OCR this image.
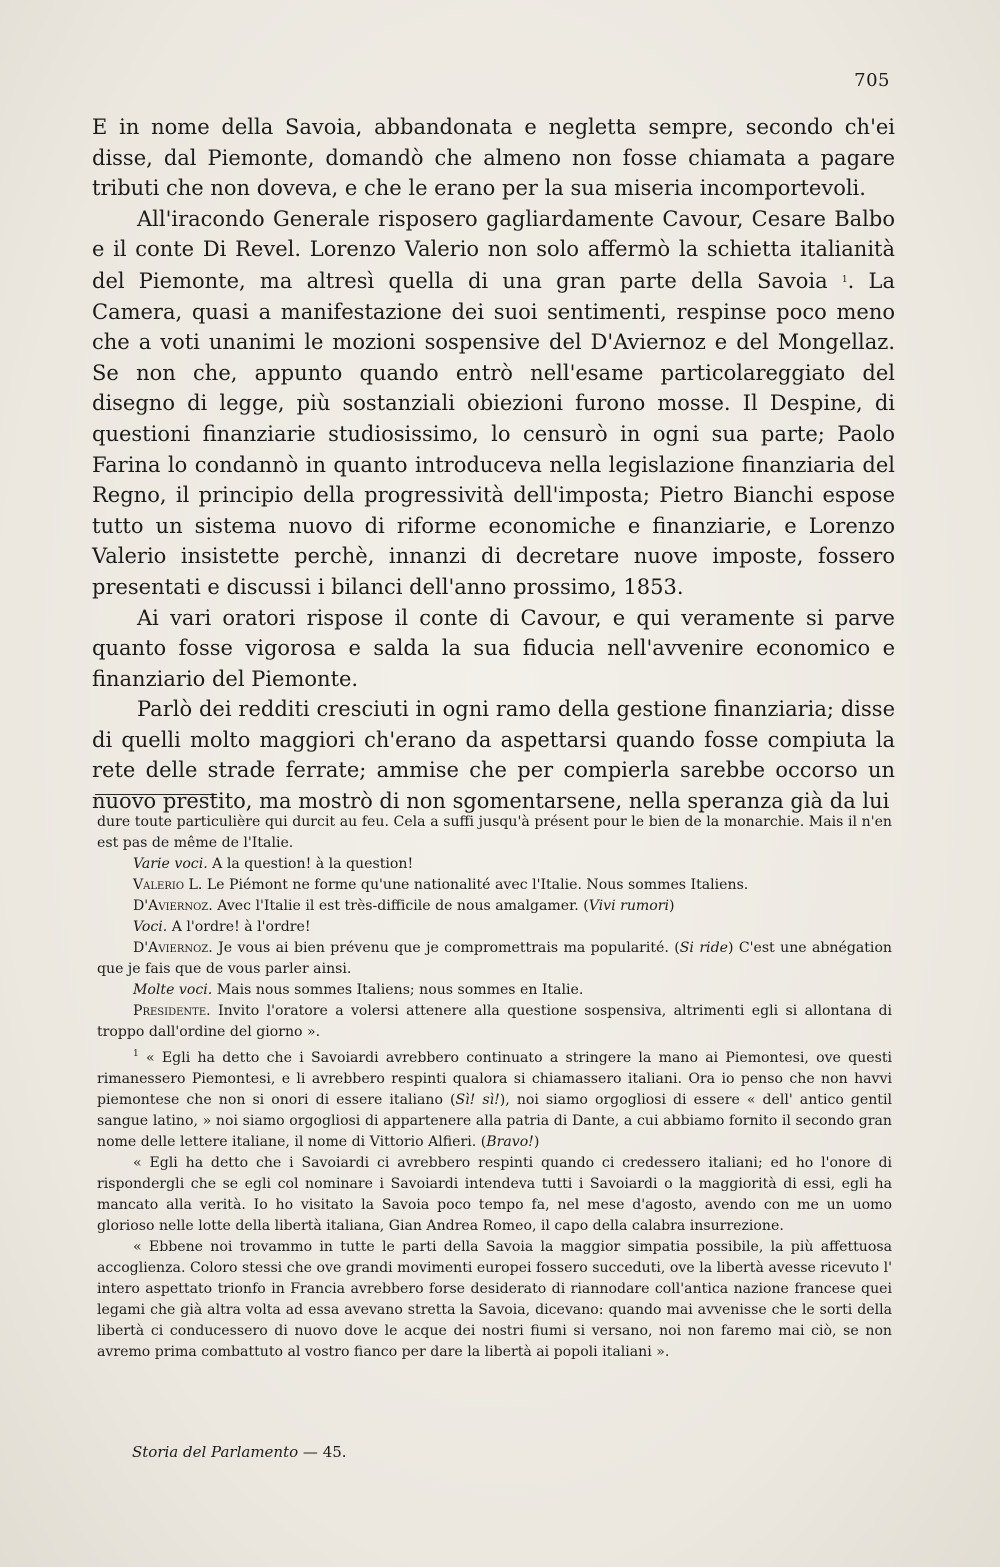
705

E in nome della Savoia, abbandonata e negletta sempre, secondo ch'ei disse, dal Piemonte, domandò che almeno non fosse chiamata a pagare tributi che non doveva, e che le erano per la sua miseria incomportevoli.

All'iracondo Generale risposero gagliardamente Cavour, Cesare Balbo e il conte Di Revel. Lorenzo Valerio non solo affermò la schietta italianità del Piemonte, ma altresì quella di una gran parte della Savoia $^1$. La Camera, quasi a manifestazione dei suoi sentimenti, respinse poco meno che a voti unanimi le mozioni sospensive del D'Aviernoz e del Mongellaz. Se non che, appunto quando entrò nell'esame particolareggiato del disegno di legge, più sostanziali obiezioni furono mosse. Il Despine, di questioni finanziarie studiosissimo, lo censurò in ogni sua parte; Paolo Farina lo condannò in quanto introduceva nella legislazione finanziaria del Regno, il principio della progressività dell'imposta; Pietro Bianchi espose tutto un sistema nuovo di riforme economiche e finanziarie, e Lorenzo Valerio insistette perchè, innanzi di decretare nuove imposte, fossero presentati e discussi i bilanci dell'anno prossimo, 1853.

Ai vari oratori rispose il conte di Cavour, e qui veramente si parve quanto fosse vigorosa e salda la sua fiducia nell'avvenire economico e finanziario del Piemonte.

Parlò dei redditi cresciuti in ogni ramo della gestione finanziaria; disse di quelli molto maggiori ch'erano da aspettarsi quando fosse compiuta la rete delle strade ferrate; ammise che per compierla sarebbe occorso un nuovo prestito, ma mostrò di non sgomentarsene, nella speranza già da lui

dure toute particulière qui durcit au feu. Cela a suffi jusqu'à présent pour le bien de la monarchie. Mais il n'en est pas de même de l'Italie.

Varie voci. A la question! à la question!

Valerio L. Le Piémont ne forme qu'une nationalité avec l'Italie. Nous sommes Italiens.

D'Aviernoz. Avec l'Italie il est très-difficile de nous amalgamer. (Vivi rumori)

Voci. A l'ordre! à l'ordre!

D'Aviernoz. Je vous ai bien prévenu que je compromettrais ma popularité. (Si ride) C'est une abnégation que je fais que de vous parler ainsi.

Molte voci. Mais nous sommes Italiens; nous sommes en Italie.

Presidente. Invito l'oratore a volersi attenere alla questione sospensiva, altrimenti egli si allontana di troppo dall'ordine del giorno ».

$^1$ « Egli ha detto che i Savoiardi avrebbero continuato a stringere la mano ai Piemontesi, ove questi rimanessero Piemontesi, e li avrebbero respinti qualora si chiamassero italiani. Ora io penso che non havvi piemontese che non si onori di essere italiano (Sì! sì!), noi siamo orgogliosi di essere « dell' antico gentil sangue latino, » noi siamo orgogliosi di appartenere alla patria di Dante, a cui abbiamo fornito il secondo gran nome delle lettere italiane, il nome di Vittorio Alfieri. (Bravo!)

« Egli ha detto che i Savoiardi ci avrebbero respinti quando ci credessero italiani; ed ho l'onore di rispondergli che se egli col nominare i Savoiardi intendeva tutti i Savoiardi o la maggiorità di essi, egli ha mancato alla verità. Io ho visitato la Savoia poco tempo fa, nel mese d'agosto, avendo con me un uomo glorioso nelle lotte della libertà italiana, Gian Andrea Romeo, il capo della calabra insurrezione.

« Ebbene noi trovammo in tutte le parti della Savoia la maggior simpatia possibile, la più affettuosa accoglienza. Coloro stessi che ove grandi movimenti europei fossero succeduti, ove la libertà avesse ricevuto l' intero aspettato trionfo in Francia avrebbero forse desiderato di riannodare coll'antica nazione francese quei legami che già altra volta ad essa avevano stretta la Savoia, dicevano: quando mai avvenisse che le sorti della libertà ci conducessero di nuovo dove le acque dei nostri fiumi si versano, noi non faremo mai ciò, se non avremo prima combattuto al vostro fianco per dare la libertà ai popoli italiani ».

Storia del Parlamento — 45.
